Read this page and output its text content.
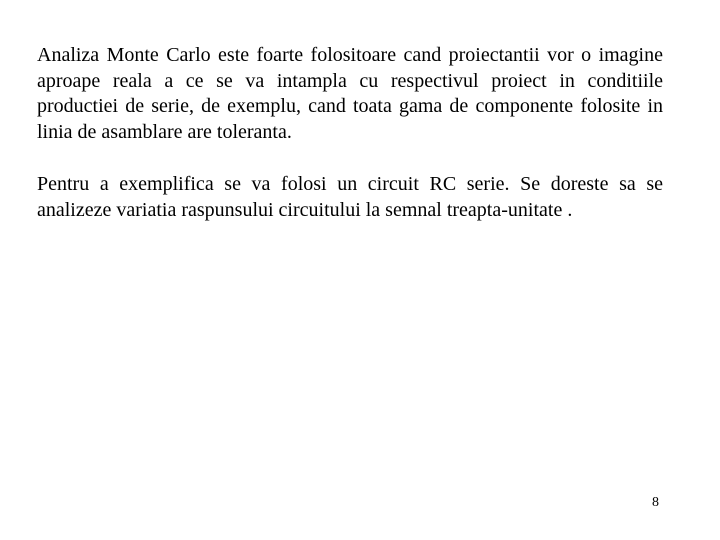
Analiza Monte Carlo este foarte folositoare cand proiectantii vor o imagine aproape reala a ce se va intampla cu respectivul proiect in conditiile productiei de serie, de exemplu, cand toata gama de componente folosite in linia de asamblare are toleranta.

Pentru a exemplifica se va folosi un circuit RC serie. Se doreste sa se analizeze variatia raspunsului circuitului la semnal treapta-unitate .

8
